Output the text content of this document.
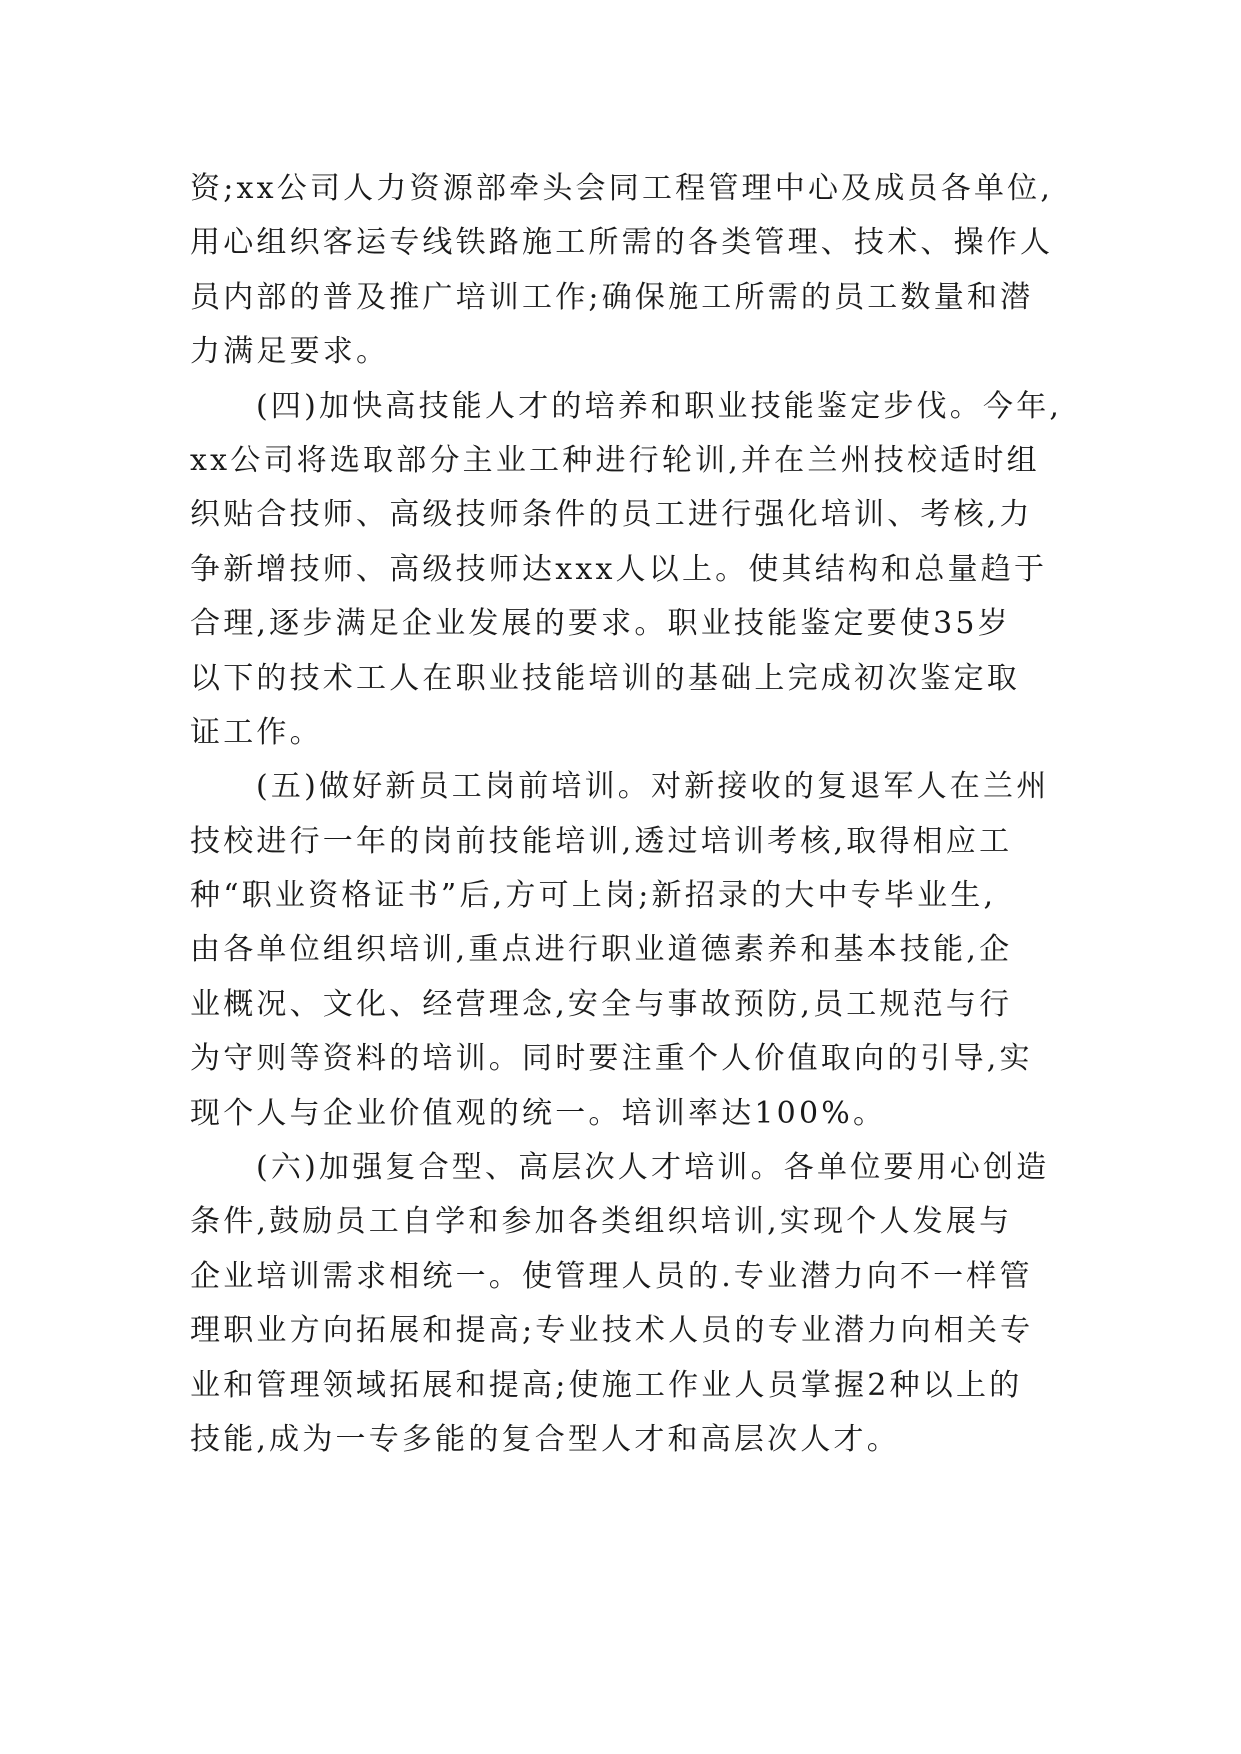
资;xx公司人力资源部牵头会同工程管理中心及成员各单位,
用心组织客运专线铁路施工所需的各类管理、技术、操作人
员内部的普及推广培训工作;确保施工所需的员工数量和潜
力满足要求。
(四)加快高技能人才的培养和职业技能鉴定步伐。今年,
xx公司将选取部分主业工种进行轮训,并在兰州技校适时组
织贴合技师、高级技师条件的员工进行强化培训、考核,力
争新增技师、高级技师达xxx人以上。使其结构和总量趋于
合理,逐步满足企业发展的要求。职业技能鉴定要使35岁
以下的技术工人在职业技能培训的基础上完成初次鉴定取
证工作。
(五)做好新员工岗前培训。对新接收的复退军人在兰州
技校进行一年的岗前技能培训,透过培训考核,取得相应工
种“职业资格证书”后,方可上岗;新招录的大中专毕业生,
由各单位组织培训,重点进行职业道德素养和基本技能,企
业概况、文化、经营理念,安全与事故预防,员工规范与行
为守则等资料的培训。同时要注重个人价值取向的引导,实
现个人与企业价值观的统一。培训率达100%。
(六)加强复合型、高层次人才培训。各单位要用心创造
条件,鼓励员工自学和参加各类组织培训,实现个人发展与
企业培训需求相统一。使管理人员的.专业潜力向不一样管
理职业方向拓展和提高;专业技术人员的专业潜力向相关专
业和管理领域拓展和提高;使施工作业人员掌握2种以上的
技能,成为一专多能的复合型人才和高层次人才。
